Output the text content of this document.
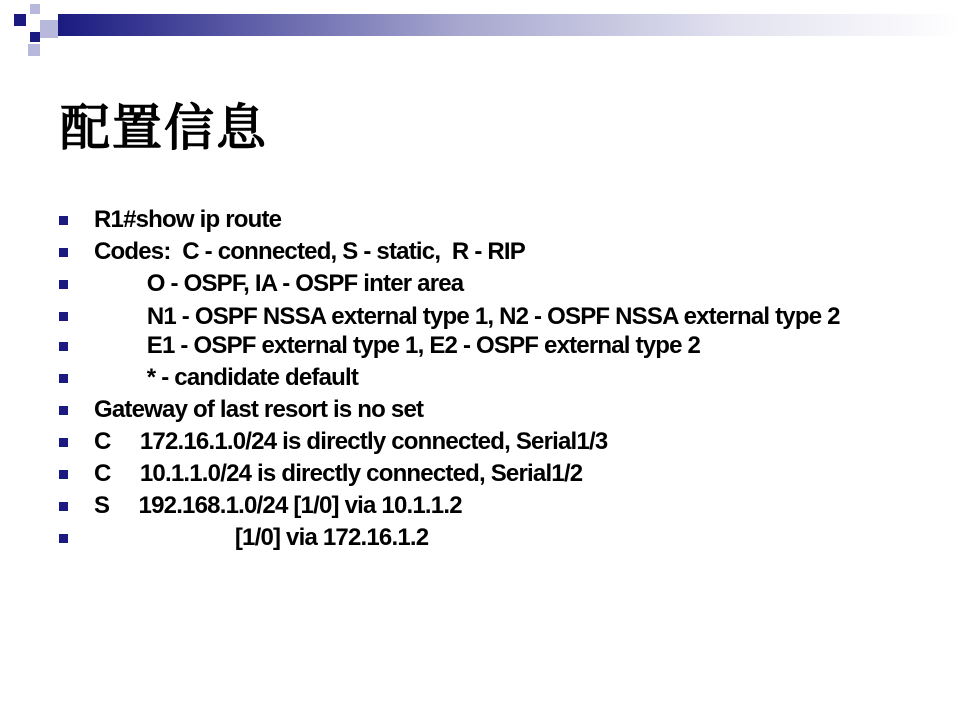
配置信息
R1#show ip route
Codes:  C - connected, S - static,  R - RIP
O - OSPF, IA - OSPF inter area
N1 - OSPF NSSA external type 1, N2 - OSPF NSSA external type 2
E1 - OSPF external type 1, E2 - OSPF external type 2
* - candidate default
Gateway of last resort is no set
C     172.16.1.0/24 is directly connected, Serial1/3
C     10.1.1.0/24 is directly connected, Serial1/2
S     192.168.1.0/24 [1/0] via 10.1.1.2
[1/0] via 172.16.1.2
